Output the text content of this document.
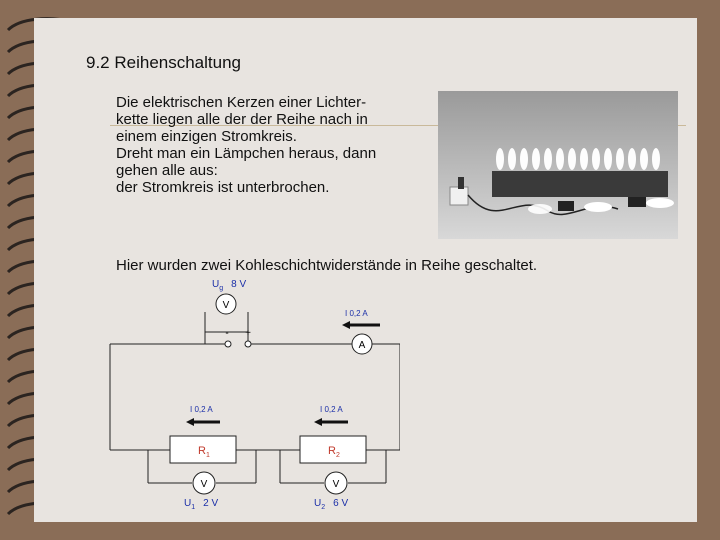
9.2 Reihenschaltung
Die elektrischen Kerzen einer Lichter-
kette liegen alle der der Reihe nach in
einem einzigen Stromkreis.
Dreht man ein Lämpchen heraus, dann
gehen alle aus:
der Stromkreis ist unterbrochen.
Hier wurden zwei Kohleschichtwiderstände in Reihe geschaltet.
V
- +
A
$U_g$ 8 V
I 0,2 A
I 0,2 A	I 0,2 A
$R_1$	$R_2$
V	V
$U_1$ 2 V	$U_2$ 6 V
